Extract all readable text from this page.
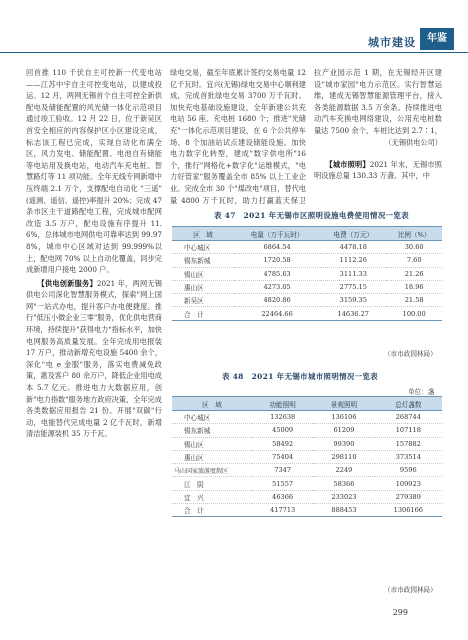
城市建设	年鉴

回首推 110 千伏自主可控新一代变电站——江苏中宇自主可控变电站，以建成投运。12 月，两网无锡首个自主可控全新供配电及储能配置的风光储一体化示范项目通过竣工验收。12 月 22 日，位于新吴区首安全相应的内容保护区小区建设完成，标志该工程已完成，实现自动化布满全区，风力发电、储能配置、电池自有储能等电站用及换电站，电动汽车充电桩、智慧路灯等 11 项功能。全年无线专网新增中压终端 2.1 万个，支撑配电自动化 "三遥"(遥测、遥信、遥控)率提升 20%；完成 47 条市区主干道路配电工程，完成城市配网改造 3.5 万户，配电设施有序提升 11.6%，总体城市电网供电可靠率达到 99.978%，城市中心区域对达到 99.999%以上，配电网 70% 以上自动化覆盖，同步完成新增用户接电 2000 户。

【供电创新服务】2021 年，两网无锡供电公司深化智慧服务模式，探索"网上国网"一站式办电，提升客户办电便捷度。推行"低压小微企业三零"服务，优化供电营商环境，持续提升"获得电力"指标水平，加快电网服务高质量发展。全年完成用电报装 17 万户，推动新增充电设施 5400 余个，深化"电 e 金服"服务，落实电费减免政策，惠及客户 80 余万户，降低企业用电成本 5.7 亿元。推进电力大数据应用，创新"电力指数"服务地方政府决策，全年完成各类数据应用报告 21 份。开展"双碳"行动，电能替代完成电量 2 亿千瓦时，新增清洁能源装机 35 万千瓦。

绿电交易，截至年底累计签约交易电量 12 亿千瓦时。宜兴(无锡)绿电交易中心顺利建成，完成首批绿电交易 3700 万千瓦时。加快充电基础设施建设，全年新建公共充电站 56 座、充电桩 1680 个；推进"光储充"一体化示范项目建设，在 6 个公共停车场、8 个加油站试点建设储能设施。加快电力数字化转型，建成"数字供电所"16 个，推行"网格化+数字化"运维模式，"电力好管家"服务覆盖全市 85% 以上工业企业。完成全市 30 个"煤改电"项目，替代电量 4800 万千瓦时，助力打赢蓝天保卫

拉产业园示范 1 期，在无锡经开区建设"城市家园"电力示范区。实行智慧运维，建成无锡智慧能源管理平台，接入各类能源数据 3.5 万余条。持续推进电动汽车充换电网络建设，公用充电桩数量达 7500 余个，车桩比达到 2.7∶1，

（无锡供电公司）

【城市照明】2021 年末，无锡市照明设施总量 130.33 万盏。其中，中

表 47　2021 年无锡市区照明设施电费使用情况一览表
区　域	电量（万千瓦时）	电费（万元）	比例（%）
中心城区	6864.54	4478.18	30.60
锡东新城	1720.58	1112.26	7.60
锡山区	4785.63	3111.33	21.26
惠山区	4273.05	2775.15	18.96
新吴区	4820.86	3159.35	21.58
合　计	22464.66	14636.27	100.00
（市市政园林局）
表 48　2021 年无锡市城市照明情况一览表
单位：盏
区　域	功能照明	景观照明	总灯盏数
中心城区	132638	136106	268744
锡东新城	45009	61209	107118
锡山区	58492	99390	157882
惠山区	75404	298110	373514
马山国家旅游度假区	7347	2249	9596
江　阴	51557	58366	109923
宜　兴	46366	233023	279389
合　计	417713	888453	1306166
（市市政园林局）
299
